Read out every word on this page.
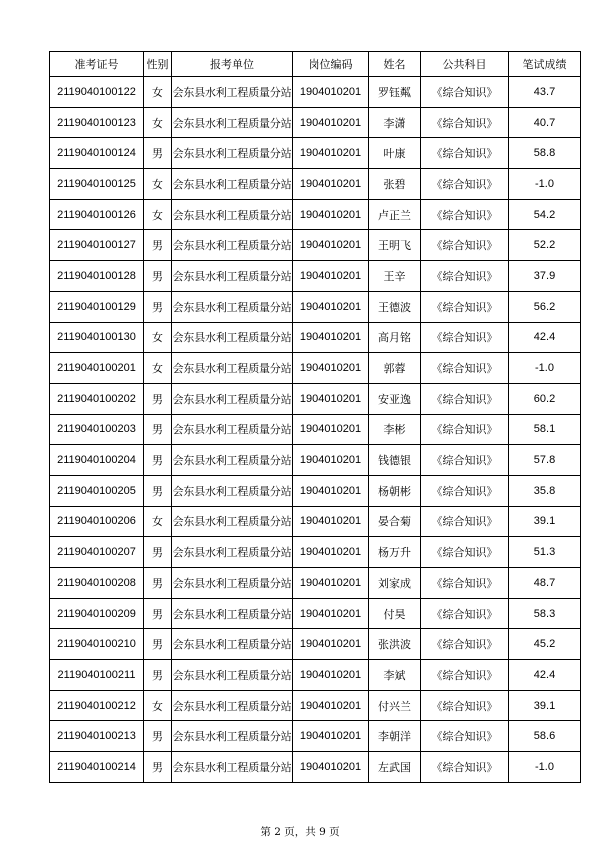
准考证号	性别	报考单位	岗位编码	姓名	公共科目	笔试成绩
2119040100122	女	会东县水利工程质量分站	1904010201	罗钰粼	《综合知识》	43.7
2119040100123	女	会东县水利工程质量分站	1904010201	李潇	《综合知识》	40.7
2119040100124	男	会东县水利工程质量分站	1904010201	叶康	《综合知识》	58.8
2119040100125	女	会东县水利工程质量分站	1904010201	张碧	《综合知识》	-1.0
2119040100126	女	会东县水利工程质量分站	1904010201	卢正兰	《综合知识》	54.2
2119040100127	男	会东县水利工程质量分站	1904010201	王明飞	《综合知识》	52.2
2119040100128	男	会东县水利工程质量分站	1904010201	王辛	《综合知识》	37.9
2119040100129	男	会东县水利工程质量分站	1904010201	王德波	《综合知识》	56.2
2119040100130	女	会东县水利工程质量分站	1904010201	高月铭	《综合知识》	42.4
2119040100201	女	会东县水利工程质量分站	1904010201	郭蓉	《综合知识》	-1.0
2119040100202	男	会东县水利工程质量分站	1904010201	安亚逸	《综合知识》	60.2
2119040100203	男	会东县水利工程质量分站	1904010201	李彬	《综合知识》	58.1
2119040100204	男	会东县水利工程质量分站	1904010201	钱德银	《综合知识》	57.8
2119040100205	男	会东县水利工程质量分站	1904010201	杨朝彬	《综合知识》	35.8
2119040100206	女	会东县水利工程质量分站	1904010201	晏合菊	《综合知识》	39.1
2119040100207	男	会东县水利工程质量分站	1904010201	杨万升	《综合知识》	51.3
2119040100208	男	会东县水利工程质量分站	1904010201	刘家成	《综合知识》	48.7
2119040100209	男	会东县水利工程质量分站	1904010201	付昊	《综合知识》	58.3
2119040100210	男	会东县水利工程质量分站	1904010201	张洪波	《综合知识》	45.2
2119040100211	男	会东县水利工程质量分站	1904010201	李斌	《综合知识》	42.4
2119040100212	女	会东县水利工程质量分站	1904010201	付兴兰	《综合知识》	39.1
2119040100213	男	会东县水利工程质量分站	1904010201	李朝洋	《综合知识》	58.6
2119040100214	男	会东县水利工程质量分站	1904010201	左武国	《综合知识》	-1.0
第 2 页，共 9 页
